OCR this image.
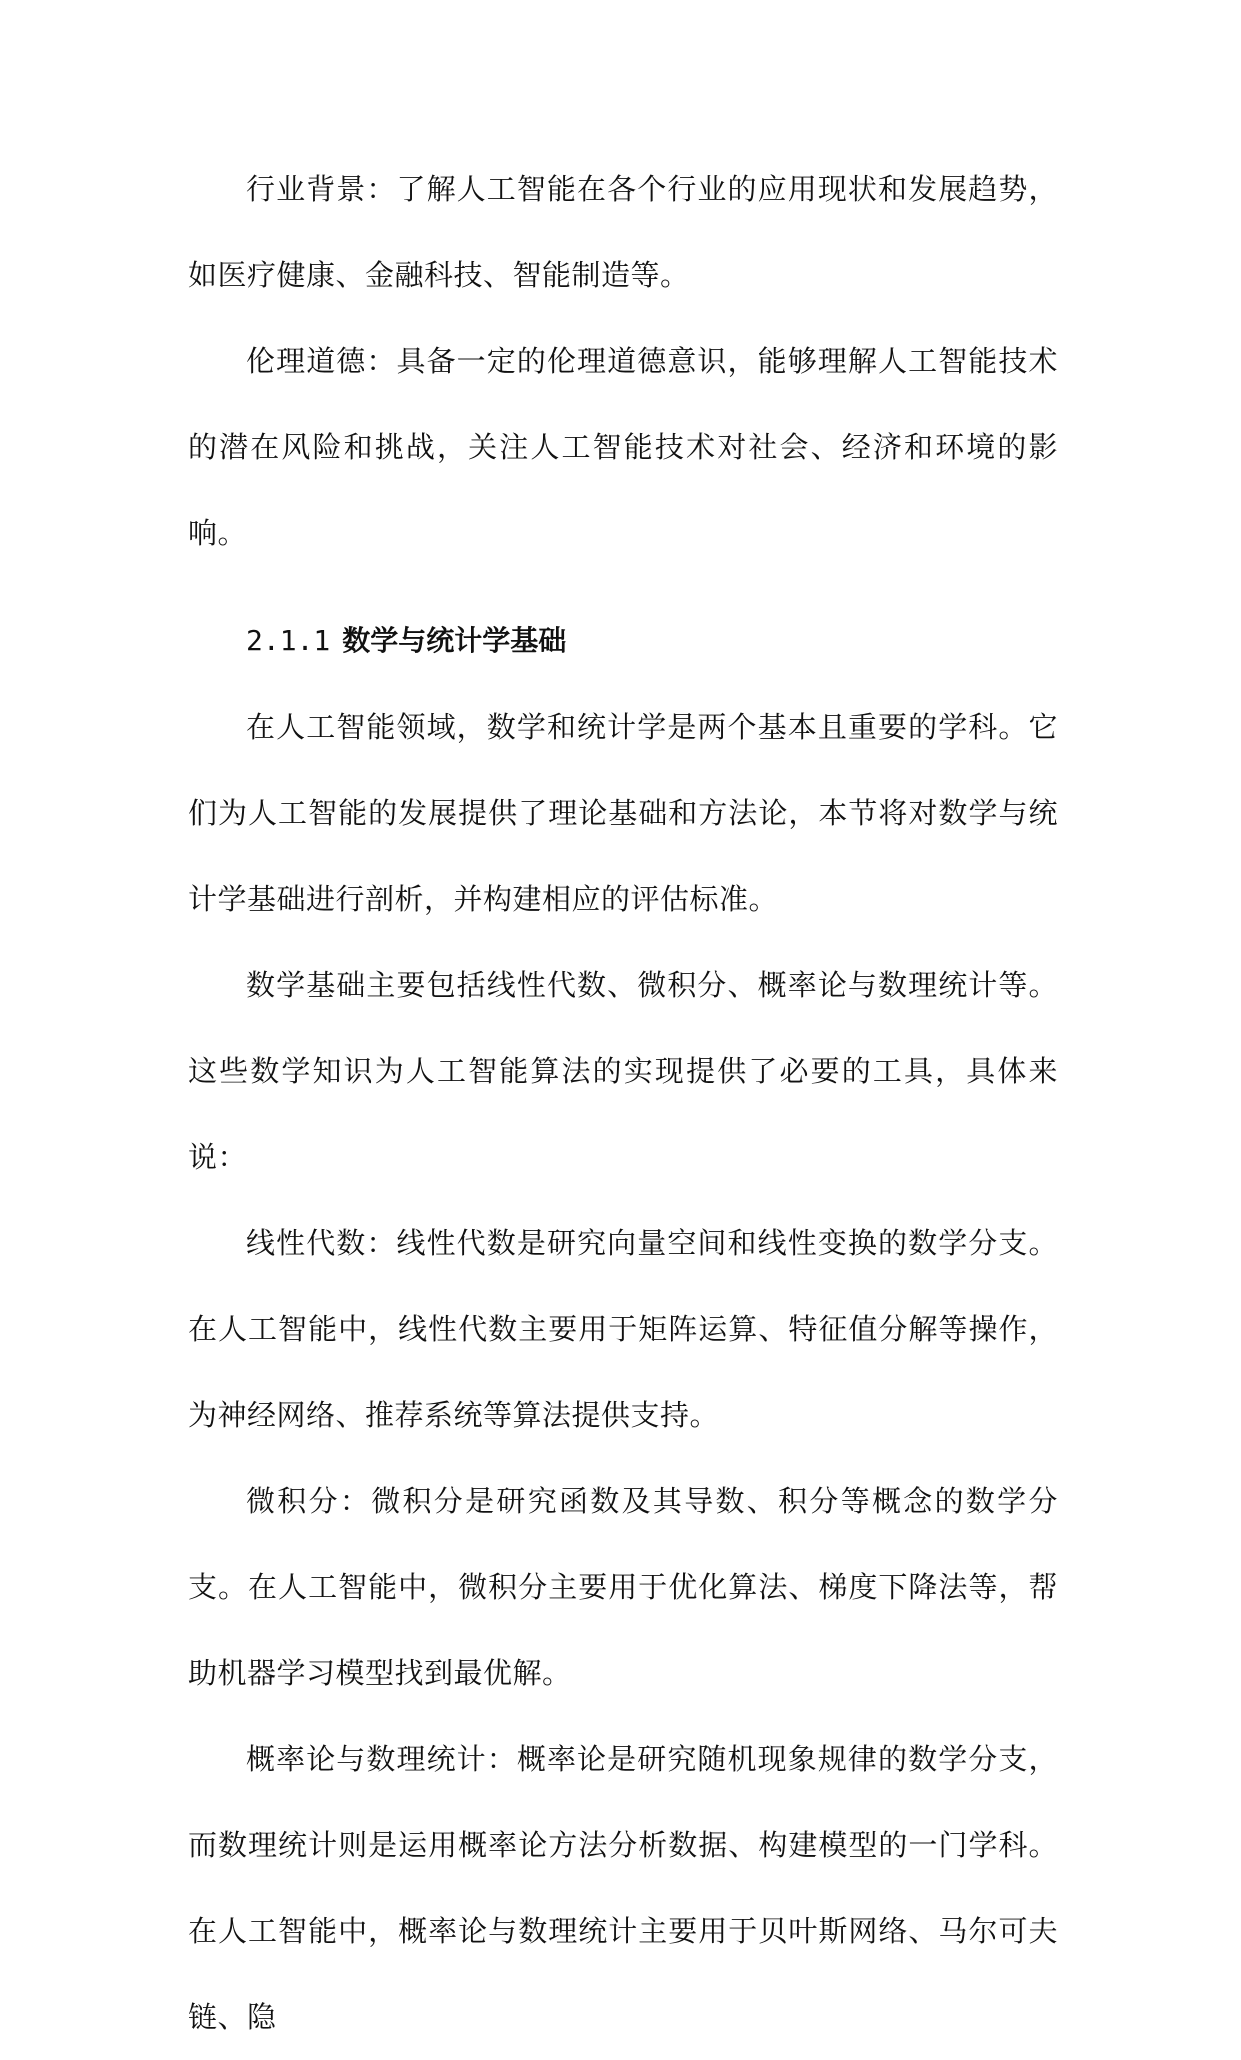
行业背景：了解人工智能在各个行业的应用现状和发展趋势，如医疗健康、金融科技、智能制造等。

伦理道德：具备一定的伦理道德意识，能够理解人工智能技术的潜在风险和挑战，关注人工智能技术对社会、经济和环境的影响。

2.1.1 数学与统计学基础

在人工智能领域，数学和统计学是两个基本且重要的学科。它们为人工智能的发展提供了理论基础和方法论，本节将对数学与统计学基础进行剖析，并构建相应的评估标准。

数学基础主要包括线性代数、微积分、概率论与数理统计等。这些数学知识为人工智能算法的实现提供了必要的工具，具体来说：

线性代数：线性代数是研究向量空间和线性变换的数学分支。在人工智能中，线性代数主要用于矩阵运算、特征值分解等操作，为神经网络、推荐系统等算法提供支持。

微积分：微积分是研究函数及其导数、积分等概念的数学分支。在人工智能中，微积分主要用于优化算法、梯度下降法等，帮助机器学习模型找到最优解。

概率论与数理统计：概率论是研究随机现象规律的数学分支，而数理统计则是运用概率论方法分析数据、构建模型的一门学科。在人工智能中，概率论与数理统计主要用于贝叶斯网络、马尔可夫链、隐
